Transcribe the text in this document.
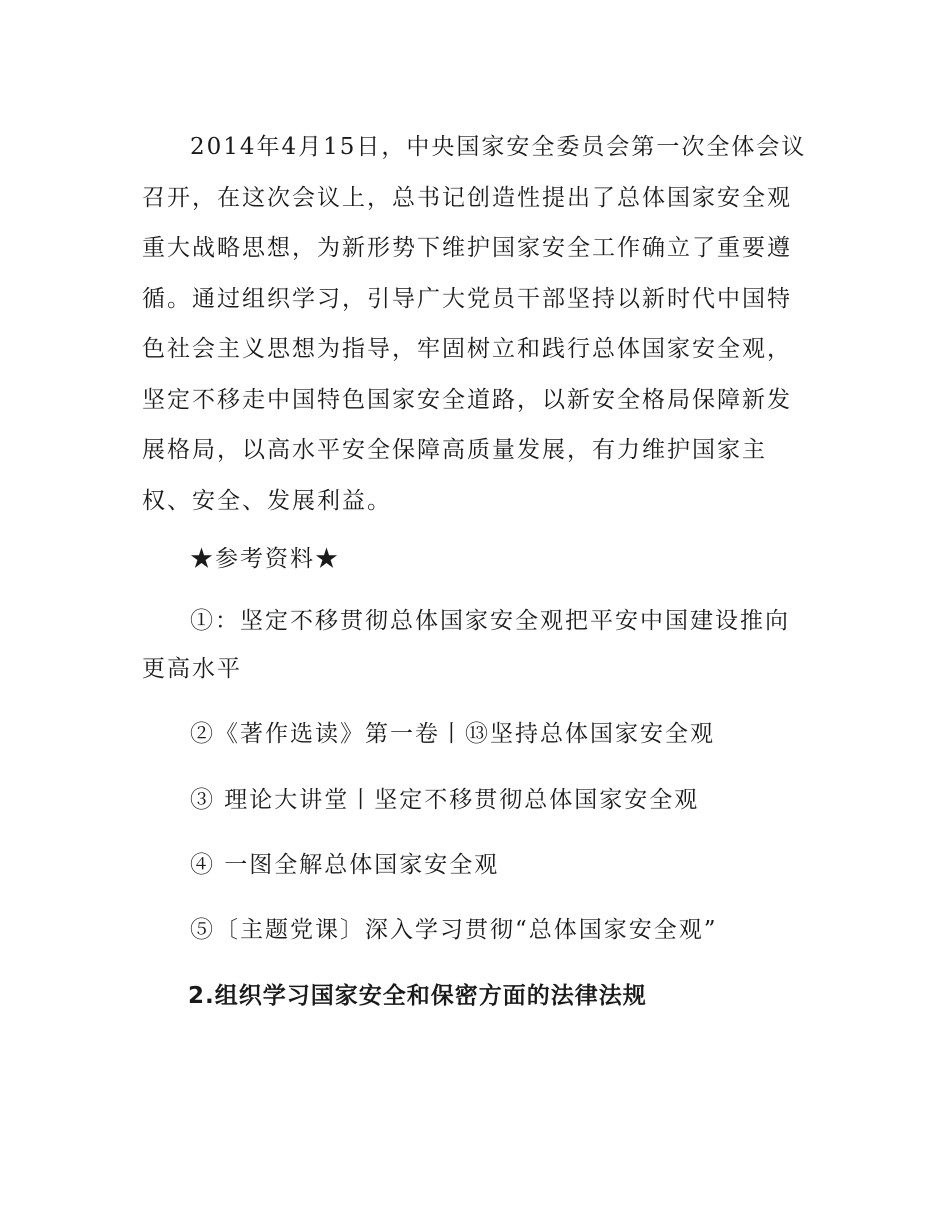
2014年4月15日，中央国家安全委员会第一次全体会议召开，在这次会议上，总书记创造性提出了总体国家安全观重大战略思想，为新形势下维护国家安全工作确立了重要遵循。通过组织学习，引导广大党员干部坚持以新时代中国特色社会主义思想为指导，牢固树立和践行总体国家安全观，坚定不移走中国特色国家安全道路，以新安全格局保障新发展格局，以高水平安全保障高质量发展，有力维护国家主权、安全、发展利益。

★参考资料★

①：坚定不移贯彻总体国家安全观把平安中国建设推向更高水平

②《著作选读》第一卷丨⑬坚持总体国家安全观

③ 理论大讲堂丨坚定不移贯彻总体国家安全观

④ 一图全解总体国家安全观

⑤〔主题党课〕深入学习贯彻“总体国家安全观”

2.组织学习国家安全和保密方面的法律法规
